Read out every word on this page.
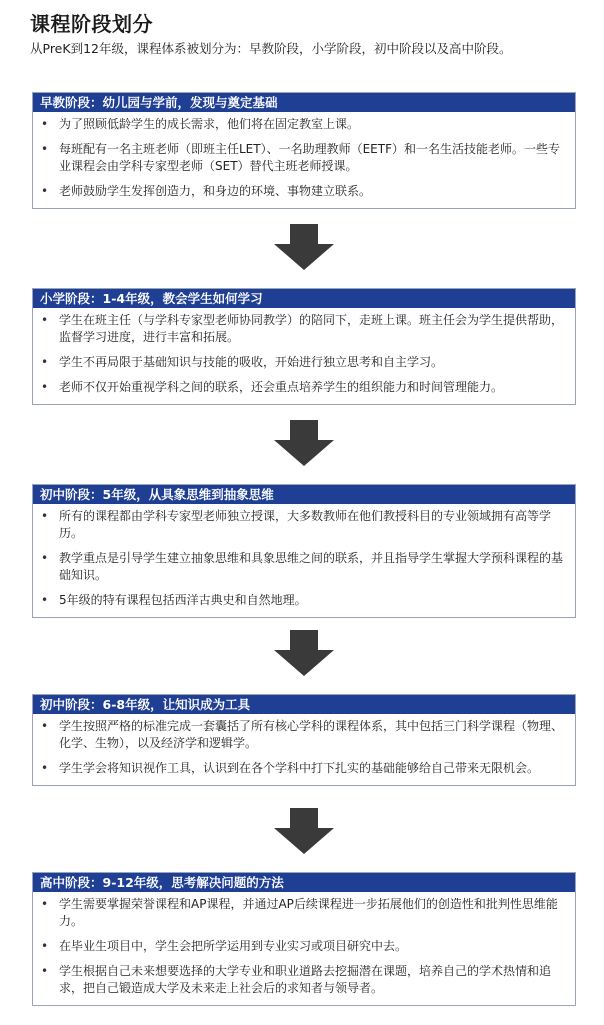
课程阶段划分
从PreK到12年级，课程体系被划分为：早教阶段，小学阶段，初中阶段以及高中阶段。
早教阶段：幼儿园与学前，发现与奠定基础
• 为了照顾低龄学生的成长需求，他们将在固定教室上课。
• 每班配有一名主班老师（即班主任LET）、一名助理教师（EETF）和一名生活技能老师。一些专业课程会由学科专家型老师（SET）替代主班老师授课。
• 老师鼓励学生发挥创造力，和身边的环境、事物建立联系。
小学阶段：1-4年级，教会学生如何学习
• 学生在班主任（与学科专家型老师协同教学）的陪同下，走班上课。班主任会为学生提供帮助，监督学习进度，进行丰富和拓展。
• 学生不再局限于基础知识与技能的吸收，开始进行独立思考和自主学习。
• 老师不仅开始重视学科之间的联系，还会重点培养学生的组织能力和时间管理能力。
初中阶段：5年级，从具象思维到抽象思维
• 所有的课程都由学科专家型老师独立授课，大多数教师在他们教授科目的专业领域拥有高等学历。
• 教学重点是引导学生建立抽象思维和具象思维之间的联系，并且指导学生掌握大学预科课程的基础知识。
• 5年级的特有课程包括西洋古典史和自然地理。
初中阶段：6-8年级，让知识成为工具
• 学生按照严格的标准完成一套囊括了所有核心学科的课程体系，其中包括三门科学课程（物理、化学、生物），以及经济学和逻辑学。
• 学生学会将知识视作工具，认识到在各个学科中打下扎实的基础能够给自己带来无限机会。
高中阶段：9-12年级，思考解决问题的方法
• 学生需要掌握荣誉课程和AP课程，并通过AP后续课程进一步拓展他们的创造性和批判性思维能力。
• 在毕业生项目中，学生会把所学运用到专业实习或项目研究中去。
• 学生根据自己未来想要选择的大学专业和职业道路去挖掘潜在课题，培养自己的学术热情和追求，把自己锻造成大学及未来走上社会后的求知者与领导者。
